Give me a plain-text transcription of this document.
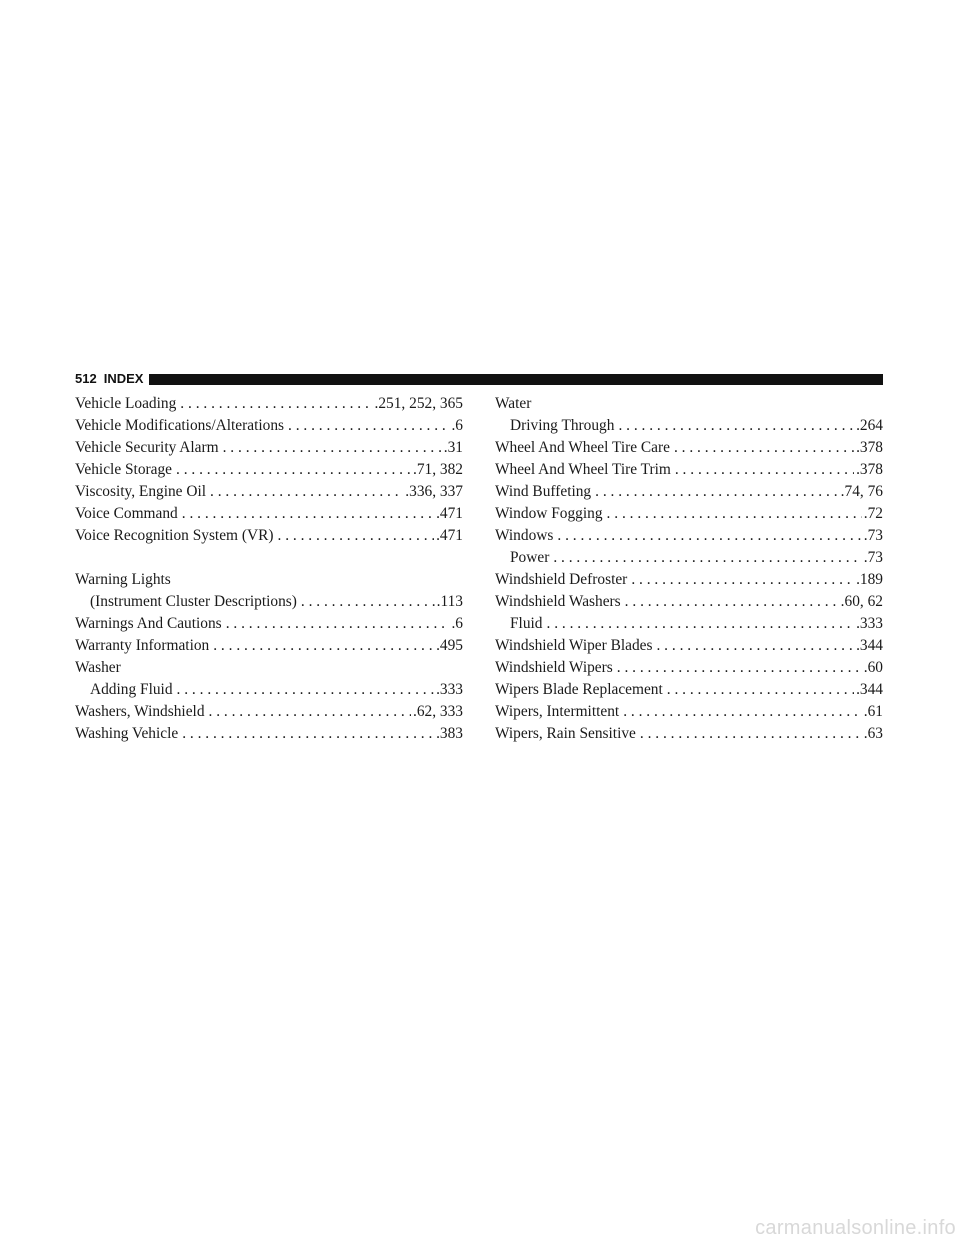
512 INDEX
Vehicle Loading . . .	.251, 252, 365
Vehicle Modifications/Alterations . . .	.6
Vehicle Security Alarm . . .	.31
Vehicle Storage . . .	.71, 382
Viscosity, Engine Oil . . .	.336, 337
Voice Command . . .	.471
Voice Recognition System (VR) . . .	.471
Warning Lights
(Instrument Cluster Descriptions) . . .	.113
Warnings And Cautions . . .	.6
Warranty Information . . .	.495
Washer
Adding Fluid . . .	.333
Washers, Windshield . . .	.62, 333
Washing Vehicle . . .	.383
Water
Driving Through . . .	.264
Wheel And Wheel Tire Care . . .	.378
Wheel And Wheel Tire Trim . . .	.378
Wind Buffeting . . .	.74, 76
Window Fogging . . .	.72
Windows . . .	.73
Power . . .	.73
Windshield Defroster . . .	.189
Windshield Washers . . .	.60, 62
Fluid . . .	.333
Windshield Wiper Blades . . .	.344
Windshield Wipers . . .	.60
Wipers Blade Replacement . . .	.344
Wipers, Intermittent . . .	.61
Wipers, Rain Sensitive . . .	.63
carmanualsonline.info
